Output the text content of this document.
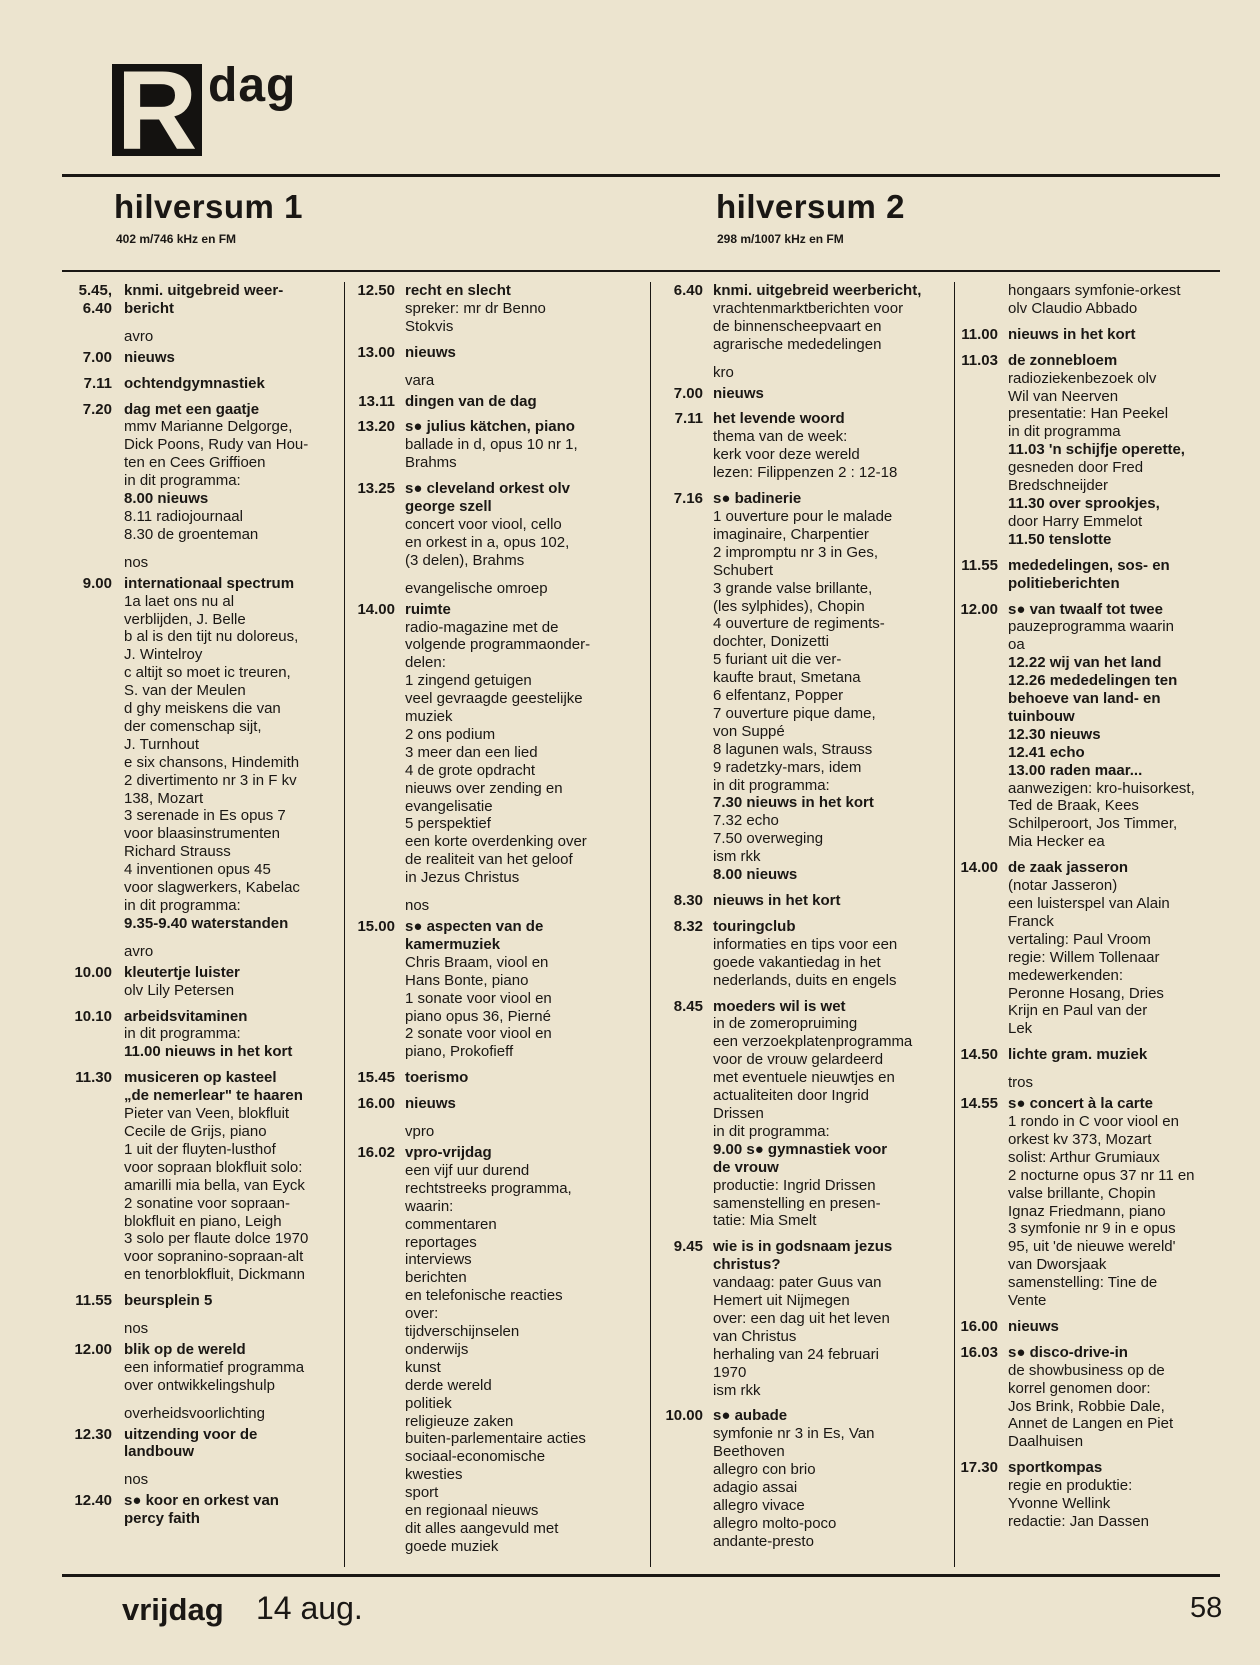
R dag
hilversum 1
402 m/746 kHz en FM
hilversum 2
298 m/1007 kHz en FM
5.45, 6.40
knmi. uitgebreid weer-
bericht
avro
7.00 nieuws
7.11 ochtendgymnastiek
7.20 dag met een gaatje
mmv Marianne Delgorge,
Dick Poons, Rudy van Hou-
ten en Cees Griffioen
in dit programma:
8.00 nieuws
8.11 radiojournaal
8.30 de groenteman
nos
9.00 internationaal spectrum
1a laet ons nu al
verblijden, J. Belle
b al is den tijt nu doloreus,
J. Wintelroy
c altijt so moet ic treuren,
S. van der Meulen
d ghy meiskens die van
der comenschap sijt,
J. Turnhout
e six chansons, Hindemith
2 divertimento nr 3 in F kv
138, Mozart
3 serenade in Es opus 7
voor blaasinstrumenten
Richard Strauss
4 inventionen opus 45
voor slagwerkers, Kabelac
in dit programma:
9.35-9.40 waterstanden
avro
10.00 kleutertje luister
olv Lily Petersen
10.10 arbeidsvitaminen
in dit programma:
11.00 nieuws in het kort
11.30 musiceren op kasteel
„de nemerlear" te haaren
Pieter van Veen, blokfluit
Cecile de Grijs, piano
1 uit der fluyten-lusthof
voor sopraan blokfluit solo:
amarilli mia bella, van Eyck
2 sonatine voor sopraan-
blokfluit en piano, Leigh
3 solo per flaute dolce 1970
voor sopranino-sopraan-alt
en tenorblokfluit, Dickmann
11.55 beursplein 5
nos
12.00 blik op de wereld
een informatief programma
over ontwikkelingshulp
overheidsvoorlichting
12.30 uitzending voor de
landbouw
nos
12.40 s● koor en orkest van
percy faith
12.50 recht en slecht
spreker: mr dr Benno
Stokvis
13.00 nieuws
vara
13.11 dingen van de dag
13.20 s● julius kätchen, piano
ballade in d, opus 10 nr 1,
Brahms
13.25 s● cleveland orkest olv
george szell
concert voor viool, cello
en orkest in a, opus 102,
(3 delen), Brahms
evangelische omroep
14.00 ruimte
radio-magazine met de
volgende programmaonder-
delen:
1 zingend getuigen
veel gevraagde geestelijke
muziek
2 ons podium
3 meer dan een lied
4 de grote opdracht
nieuws over zending en
evangelisatie
5 perspektief
een korte overdenking over
de realiteit van het geloof
in Jezus Christus
nos
15.00 s● aspecten van de
kamermuziek
Chris Braam, viool en
Hans Bonte, piano
1 sonate voor viool en
piano opus 36, Pierné
2 sonate voor viool en
piano, Prokofieff
15.45 toerismo
16.00 nieuws
vpro
16.02 vpro-vrijdag
een vijf uur durend
rechtstreeks programma,
waarin:
commentaren
reportages
interviews
berichten
en telefonische reacties
over:
tijdverschijnselen
onderwijs
kunst
derde wereld
politiek
religieuze zaken
buiten-parlementaire acties
sociaal-economische
kwesties
sport
en regionaal nieuws
dit alles aangevuld met
goede muziek
6.40 knmi. uitgebreid weerbericht,
vrachtenmarktberichten voor
de binnenscheepvaart en
agrarische mededelingen
kro
7.00 nieuws
7.11 het levende woord
thema van de week:
kerk voor deze wereld
lezen: Filippenzen 2 : 12-18
7.16 s● badinerie
1 ouverture pour le malade
imaginaire, Charpentier
2 impromptu nr 3 in Ges,
Schubert
3 grande valse brillante,
(les sylphides), Chopin
4 ouverture de regiments-
dochter, Donizetti
5 furiant uit die ver-
kaufte braut, Smetana
6 elfentanz, Popper
7 ouverture pique dame,
von Suppé
8 lagunen wals, Strauss
9 radetzky-mars, idem
in dit programma:
7.30 nieuws in het kort
7.32 echo
7.50 overweging
ism rkk
8.00 nieuws
8.30 nieuws in het kort
8.32 touringclub
informaties en tips voor een
goede vakantiedag in het
nederlands, duits en engels
8.45 moeders wil is wet
in de zomeropruiming
een verzoekplatenprogramma
voor de vrouw gelardeerd
met eventuele nieuwtjes en
actualiteiten door Ingrid
Drissen
in dit programma:
9.00 s● gymnastiek voor
de vrouw
productie: Ingrid Drissen
samenstelling en presen-
tatie: Mia Smelt
9.45 wie is in godsnaam jezus
christus?
vandaag: pater Guus van
Hemert uit Nijmegen
over: een dag uit het leven
van Christus
herhaling van 24 februari
1970
ism rkk
10.00 s● aubade
symfonie nr 3 in Es, Van
Beethoven
allegro con brio
adagio assai
allegro vivace
allegro molto-poco
andante-presto
hongaars symfonie-orkest
olv Claudio Abbado
11.00 nieuws in het kort
11.03 de zonnebloem
radioziekenbezoek olv
Wil van Neerven
presentatie: Han Peekel
in dit programma
11.03 'n schijfje operette,
gesneden door Fred
Bredschneijder
11.30 over sprookjes,
door Harry Emmelot
11.50 tenslotte
11.55 mededelingen, sos- en
politieberichten
12.00 s● van twaalf tot twee
pauzeprogramma waarin
oa
12.22 wij van het land
12.26 mededelingen ten
behoeve van land- en
tuinbouw
12.30 nieuws
12.41 echo
13.00 raden maar...
aanwezigen: kro-huisorkest,
Ted de Braak, Kees
Schilperoort, Jos Timmer,
Mia Hecker ea
14.00 de zaak jasseron
(notar Jasseron)
een luisterspel van Alain
Franck
vertaling: Paul Vroom
regie: Willem Tollenaar
medewerkenden:
Peronne Hosang, Dries
Krijn en Paul van der
Lek
14.50 lichte gram. muziek
tros
14.55 s● concert à la carte
1 rondo in C voor viool en
orkest kv 373, Mozart
solist: Arthur Grumiaux
2 nocturne opus 37 nr 11 en
valse brillante, Chopin
Ignaz Friedmann, piano
3 symfonie nr 9 in e opus
95, uit 'de nieuwe wereld'
van Dworsjaak
samenstelling: Tine de
Vente
16.00 nieuws
16.03 s● disco-drive-in
de showbusiness op de
korrel genomen door:
Jos Brink, Robbie Dale,
Annet de Langen en Piet
Daalhuisen
17.30 sportkompas
regie en produktie:
Yvonne Wellink
redactie: Jan Dassen
vrijdag 14 aug.	58
